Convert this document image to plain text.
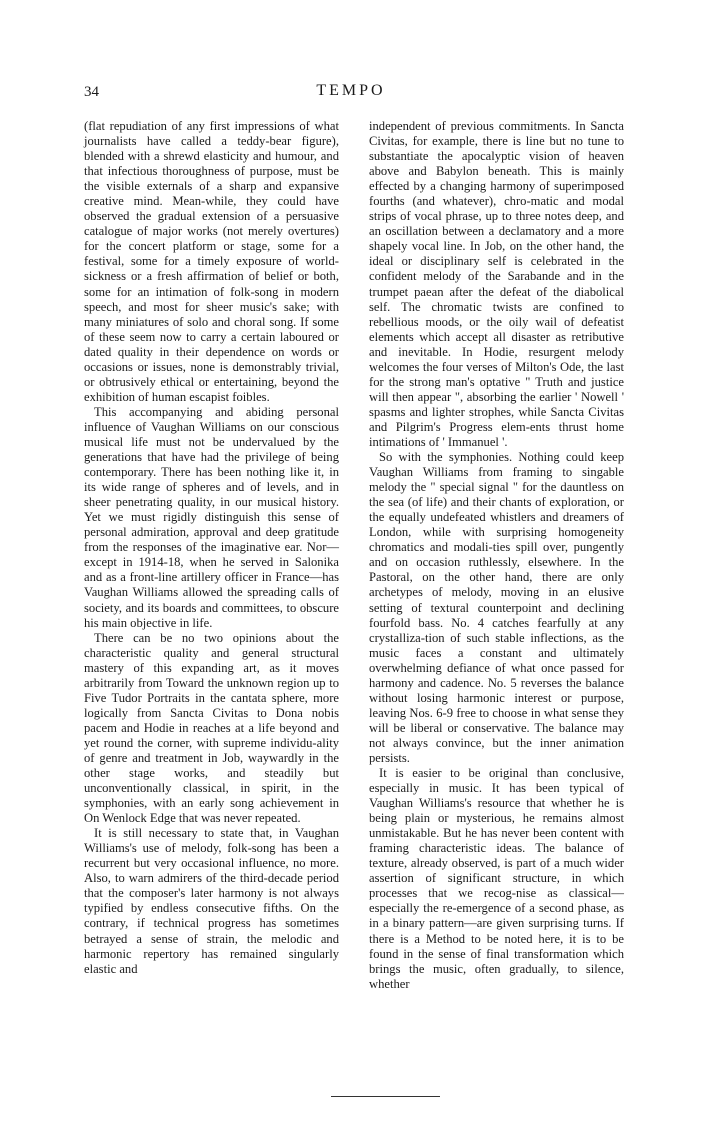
34	TEMPO

(flat repudiation of any first impressions of what journalists have called a teddy-bear figure), blended with a shrewd elasticity and humour, and that infectious thoroughness of purpose, must be the visible externals of a sharp and expansive creative mind. Mean-while, they could have observed the gradual extension of a persuasive catalogue of major works (not merely overtures) for the concert platform or stage, some for a festival, some for a timely exposure of world-sickness or a fresh affirmation of belief or both, some for an intimation of folk-song in modern speech, and most for sheer music's sake; with many miniatures of solo and choral song. If some of these seem now to carry a certain laboured or dated quality in their dependence on words or occasions or issues, none is demonstrably trivial, or obtrusively ethical or entertaining, beyond the exhibition of human escapist foibles.

This accompanying and abiding personal influence of Vaughan Williams on our conscious musical life must not be undervalued by the generations that have had the privilege of being contemporary. There has been nothing like it, in its wide range of spheres and of levels, and in sheer penetrating quality, in our musical history. Yet we must rigidly distinguish this sense of personal admiration, approval and deep gratitude from the responses of the imaginative ear. Nor—except in 1914-18, when he served in Salonika and as a front-line artillery officer in France—has Vaughan Williams allowed the spreading calls of society, and its boards and committees, to obscure his main objective in life.

There can be no two opinions about the characteristic quality and general structural mastery of this expanding art, as it moves arbitrarily from Toward the unknown region up to Five Tudor Portraits in the cantata sphere, more logically from Sancta Civitas to Dona nobis pacem and Hodie in reaches at a life beyond and yet round the corner, with supreme individu-ality of genre and treatment in Job, waywardly in the other stage works, and steadily but unconventionally classical, in spirit, in the symphonies, with an early song achievement in On Wenlock Edge that was never repeated.

It is still necessary to state that, in Vaughan Williams's use of melody, folk-song has been a recurrent but very occasional influence, no more. Also, to warn admirers of the third-decade period that the composer's later harmony is not always typified by endless consecutive fifths. On the contrary, if technical progress has sometimes betrayed a sense of strain, the melodic and harmonic repertory has remained singularly elastic and

independent of previous commitments. In Sancta Civitas, for example, there is line but no tune to substantiate the apocalyptic vision of heaven above and Babylon beneath. This is mainly effected by a changing harmony of superimposed fourths (and whatever), chro-matic and modal strips of vocal phrase, up to three notes deep, and an oscillation between a declamatory and a more shapely vocal line. In Job, on the other hand, the ideal or disciplinary self is celebrated in the confident melody of the Sarabande and in the trumpet paean after the defeat of the diabolical self. The chromatic twists are confined to rebellious moods, or the oily wail of defeatist elements which accept all disaster as retributive and inevitable. In Hodie, resurgent melody welcomes the four verses of Milton's Ode, the last for the strong man's optative " Truth and justice will then appear ", absorbing the earlier ' Nowell ' spasms and lighter strophes, while Sancta Civitas and Pilgrim's Progress elem-ents thrust home intimations of ' Immanuel '.

So with the symphonies. Nothing could keep Vaughan Williams from framing to singable melody the " special signal " for the dauntless on the sea (of life) and their chants of exploration, or the equally undefeated whistlers and dreamers of London, while with surprising homogeneity chromatics and modali-ties spill over, pungently and on occasion ruthlessly, elsewhere. In the Pastoral, on the other hand, there are only archetypes of melody, moving in an elusive setting of textural counterpoint and declining fourfold bass. No. 4 catches fearfully at any crystalliza-tion of such stable inflections, as the music faces a constant and ultimately overwhelming defiance of what once passed for harmony and cadence. No. 5 reverses the balance without losing harmonic interest or purpose, leaving Nos. 6-9 free to choose in what sense they will be liberal or conservative. The balance may not always convince, but the inner animation persists.

It is easier to be original than conclusive, especially in music. It has been typical of Vaughan Williams's resource that whether he is being plain or mysterious, he remains almost unmistakable. But he has never been content with framing characteristic ideas. The balance of texture, already observed, is part of a much wider assertion of significant structure, in which processes that we recog-nise as classical—especially the re-emergence of a second phase, as in a binary pattern—are given surprising turns. If there is a Method to be noted here, it is to be found in the sense of final transformation which brings the music, often gradually, to silence, whether
